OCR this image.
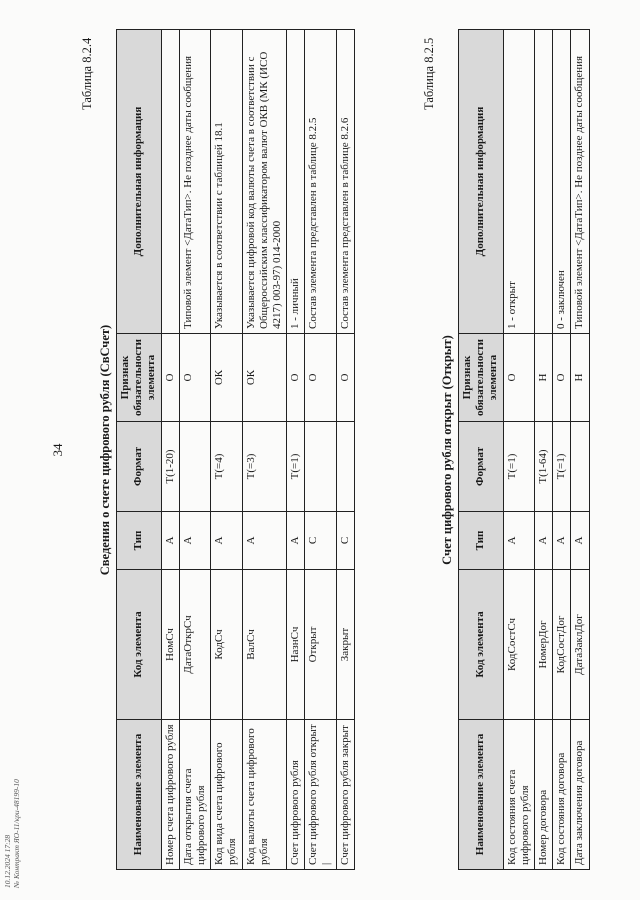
34
Таблица 8.2.4
Сведения о счете цифрового рубля (СвСчет)
Наименование элемента	Код элемента	Тип	Формат	Признак обязательности элемента	Дополнительная информация
Номер счета цифрового рубля	НомСч	А	Т(1-20)	О	
Дата открытия счета цифрового рубля	ДатаОткрСч	А		О	Типовой элемент <ДатаТип>. Не позднее даты сообщения
Код вида счета цифрового рубля	КодСч	А	Т(=4)	ОК	Указывается в соответствии с таблицей 18.1
Код валюты счета цифрового рубля	ВалСч	А	Т(=3)	ОК	Указывается цифровой код валюты счета в соответствии с Общероссийским классификатором валют ОКВ (МК (ИСО 4217) 003-97) 014-2000
Счет цифрового рубля	НазнСч	А	Т(=1)	О	1 - личный
Счет цифрового рубля открыт |	Открыт	С		О	Состав элемента представлен в таблице 8.2.5
Счет цифрового рубля закрыт	Закрыт	С		О	Состав элемента представлен в таблице 8.2.6
Таблица 8.2.5
Счет цифрового рубля открыт (Открыт)
Наименование элемента	Код элемента	Тип	Формат	Признак обязательности элемента	Дополнительная информация
Код состояния счета цифрового рубля	КодСостСч	А	Т(=1)	О	1 - открыт
Номер договора	НомерДог	А	Т(1-64)	Н	
Код состояния договора	КодСостДог	А	Т(=1)	О	0 - заключен
Дата заключения договора	ДатаЗаклДог	А		Н	Типовой элемент <ДатаТип>. Не позднее даты сообщения
10.12.2024 17:28 № Контракт ЯО-11/кри-48199-10
